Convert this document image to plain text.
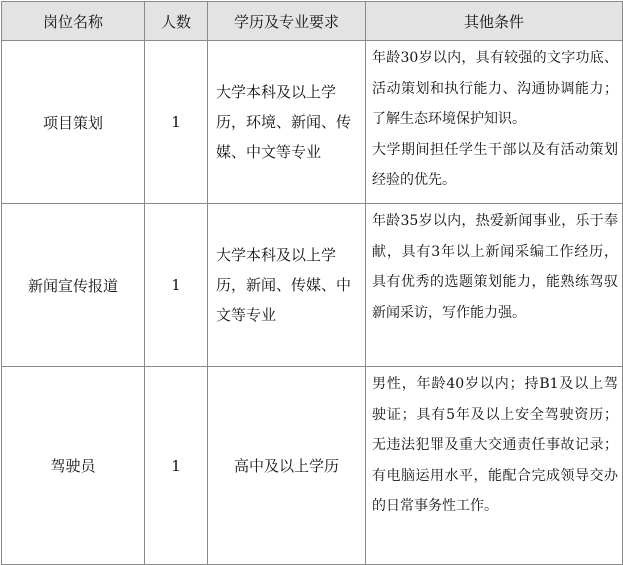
岗位名称	人数	学历及专业要求	其他条件
项目策划	1	大学本科及以上学历，环境、新闻、传媒、中文等专业	年龄30岁以内，具有较强的文字功底、活动策划和执行能力、沟通协调能力；了解生态环境保护知识。
大学期间担任学生干部以及有活动策划经验的优先。

新闻宣传报道	1	大学本科及以上学历，新闻、传媒、中文等专业	年龄35岁以内，热爱新闻事业，乐于奉献，具有3年以上新闻采编工作经历，具有优秀的选题策划能力，能熟练驾驭新闻采访，写作能力强。

驾驶员	1	高中及以上学历	男性，年龄40岁以内；持B1及以上驾驶证；具有5年及以上安全驾驶资历；无违法犯罪及重大交通责任事故记录；有电脑运用水平，能配合完成领导交办的日常事务性工作。
